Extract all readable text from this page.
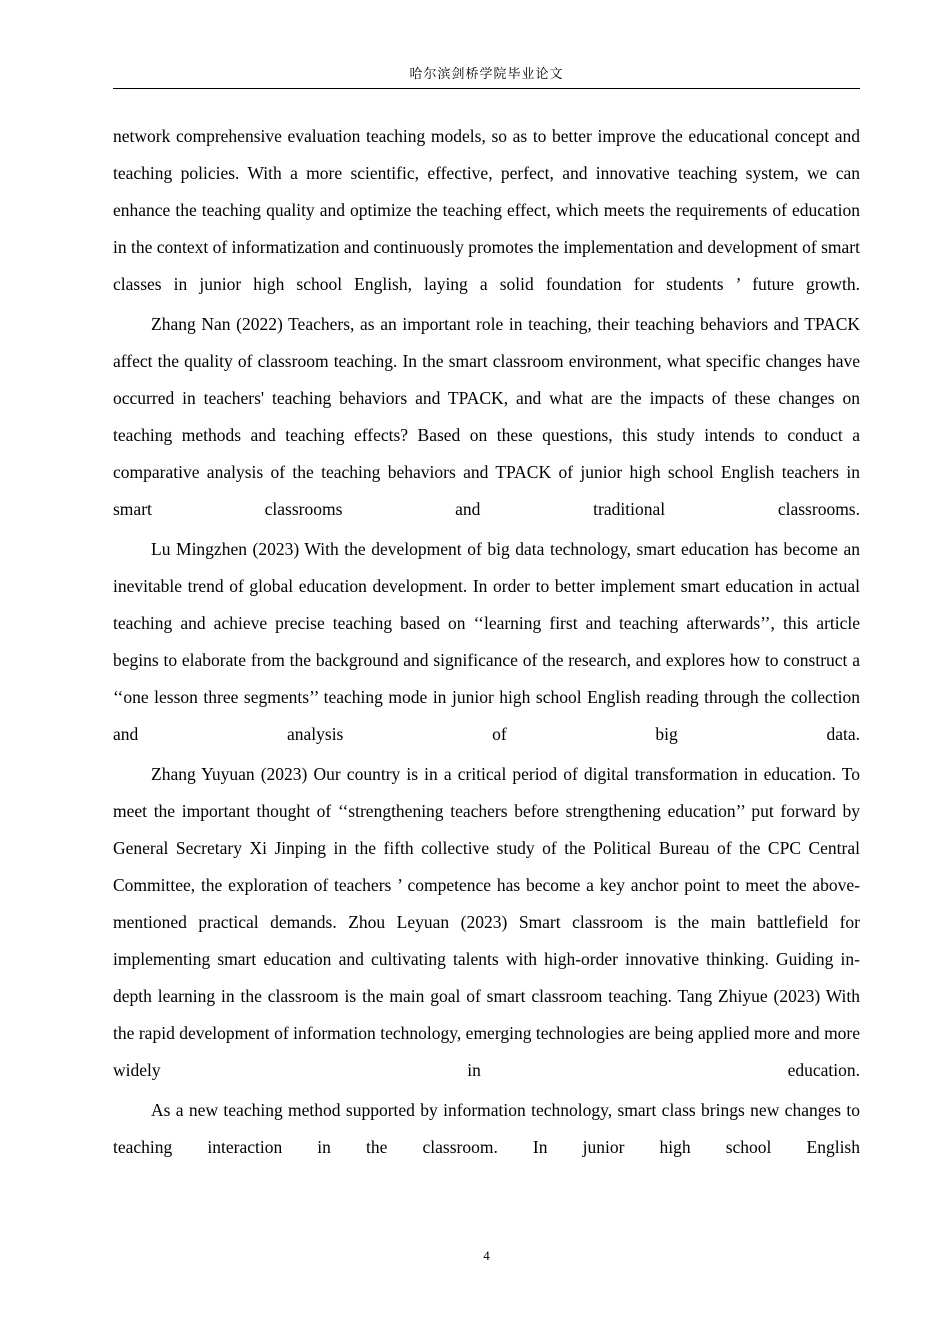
哈尔滨剑桥学院毕业论文

network comprehensive evaluation teaching models, so as to better improve the educational concept and teaching policies. With a more scientific, effective, perfect, and innovative teaching system, we can enhance the teaching quality and optimize the teaching effect, which meets the requirements of education in the context of informatization and continuously promotes the implementation and development of smart classes in junior high school English, laying a solid foundation for students ’ future growth.

Zhang Nan (2022) Teachers, as an important role in teaching, their teaching behaviors and TPACK affect the quality of classroom teaching. In the smart classroom environment, what specific changes have occurred in teachers' teaching behaviors and TPACK, and what are the impacts of these changes on teaching methods and teaching effects? Based on these questions, this study intends to conduct a comparative analysis of the teaching behaviors and TPACK of junior high school English teachers in smart classrooms and traditional classrooms.

Lu Mingzhen (2023) With the development of big data technology, smart education has become an inevitable trend of global education development. In order to better implement smart education in actual teaching and achieve precise teaching based on ‘‘learning first and teaching afterwards’’, this article begins to elaborate from the background and significance of the research, and explores how to construct a ‘‘one lesson three segments’’ teaching mode in junior high school English reading through the collection and analysis of big data.

Zhang Yuyuan (2023) Our country is in a critical period of digital transformation in education. To meet the important thought of ‘‘strengthening teachers before strengthening education’’ put forward by General Secretary Xi Jinping in the fifth collective study of the Political Bureau of the CPC Central Committee, the exploration of teachers ’ competence has become a key anchor point to meet the above-mentioned practical demands. Zhou Leyuan (2023) Smart classroom is the main battlefield for implementing smart education and cultivating talents with high-order innovative thinking. Guiding in-depth learning in the classroom is the main goal of smart classroom teaching. Tang Zhiyue (2023) With the rapid development of information technology, emerging technologies are being applied more and more widely in education.

As a new teaching method supported by information technology, smart class brings new changes to teaching interaction in the classroom. In junior high school English

4
